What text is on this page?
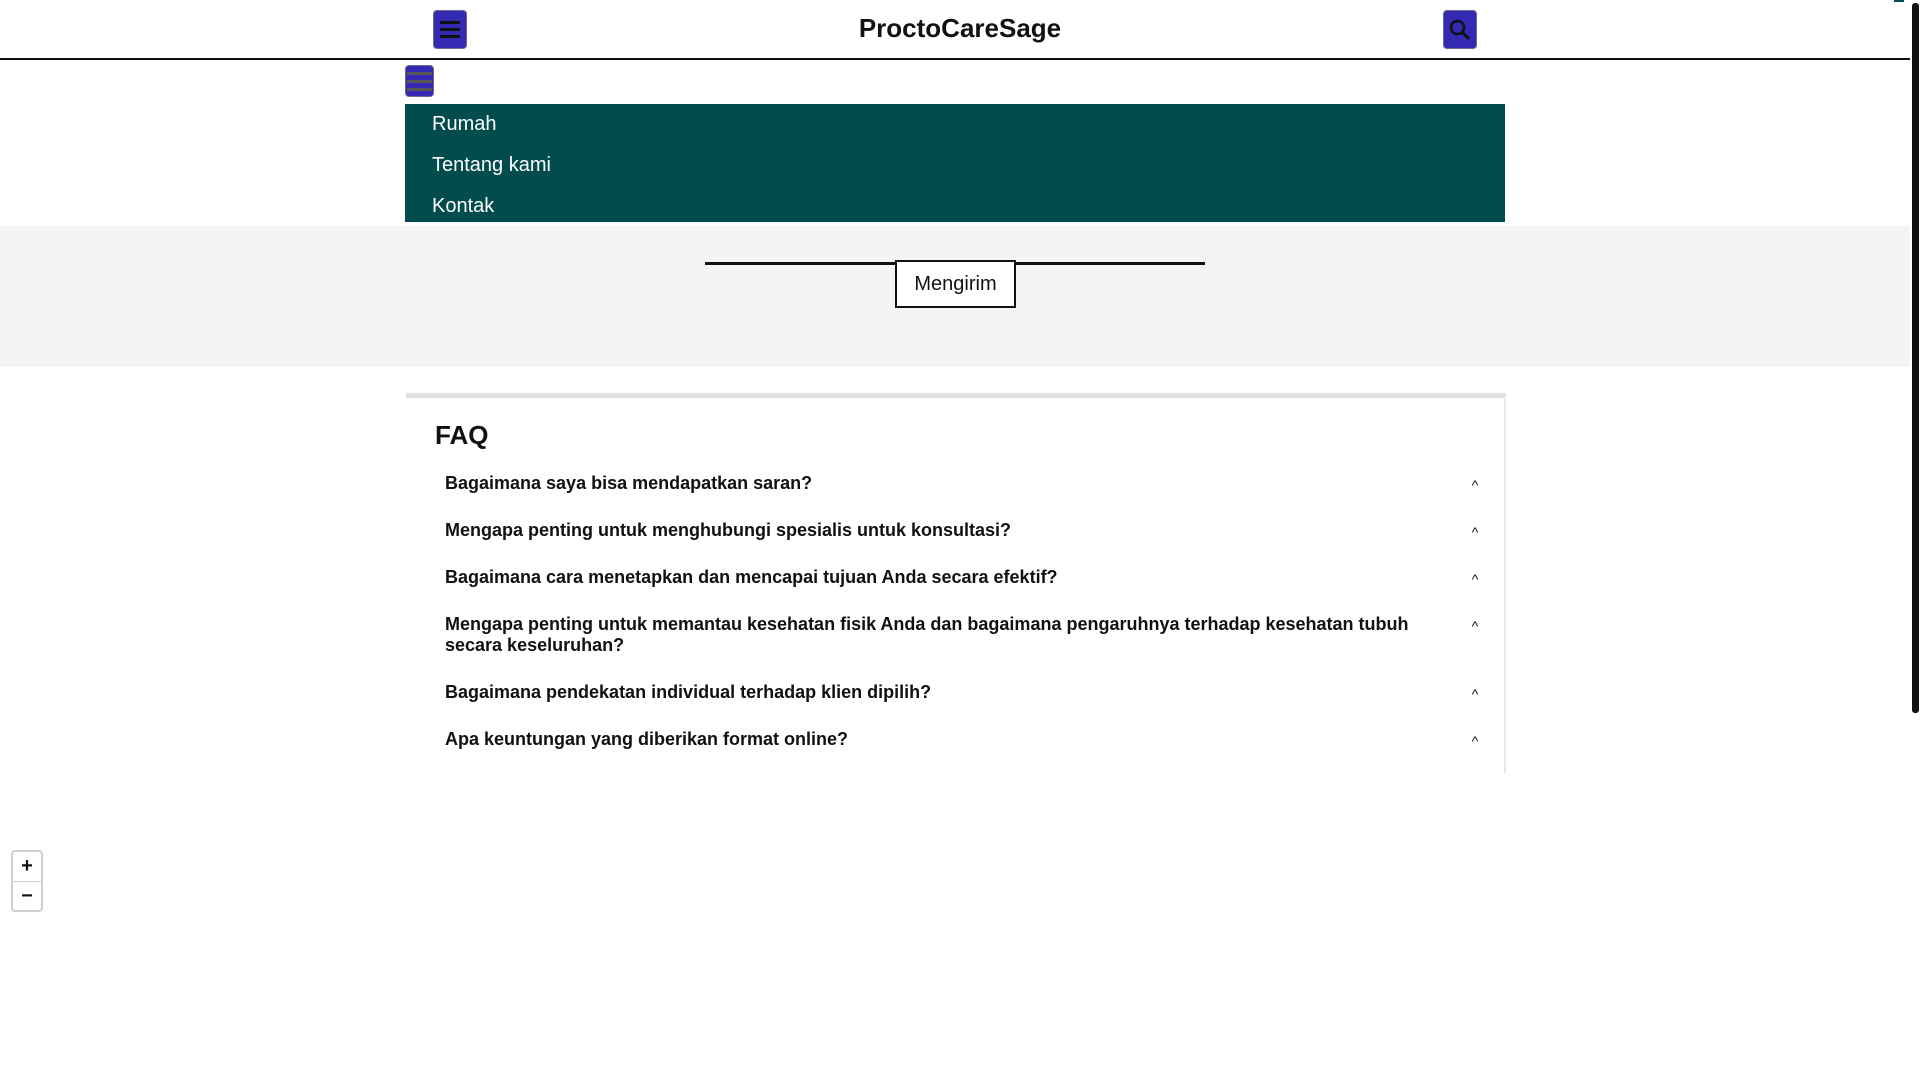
ProctoCareSage
Rumah
Tentang kami
Kontak
Mengirim
FAQ
Bagaimana saya bisa mendapatkan saran?	^
Mengapa penting untuk menghubungi spesialis untuk konsultasi?	^
Bagaimana cara menetapkan dan mencapai tujuan Anda secara efektif?	^
Mengapa penting untuk memantau kesehatan fisik Anda dan bagaimana pengaruhnya terhadap kesehatan tubuh secara keseluruhan?
^
Bagaimana pendekatan individual terhadap klien dipilih?	^
Apa keuntungan yang diberikan format online?	^
+
−
